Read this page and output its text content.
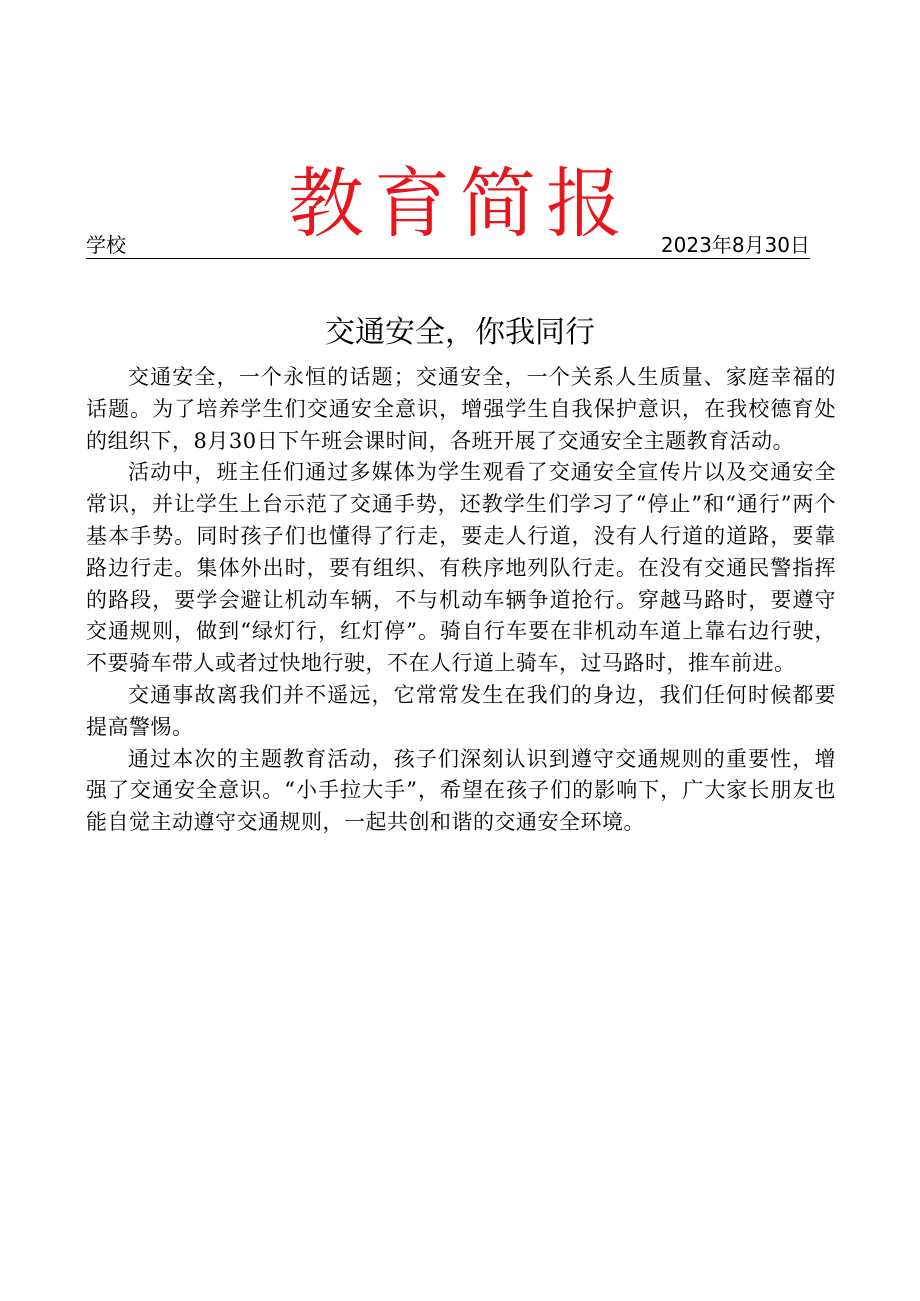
教育简报
学校	2023年8月30日
交通安全，你我同行

交通安全，一个永恒的话题；交通安全，一个关系人生质量、家庭幸福的话题。为了培养学生们交通安全意识，增强学生自我保护意识，在我校德育处的组织下，8月30日下午班会课时间，各班开展了交通安全主题教育活动。

活动中，班主任们通过多媒体为学生观看了交通安全宣传片以及交通安全常识，并让学生上台示范了交通手势，还教学生们学习了“停止”和“通行”两个基本手势。同时孩子们也懂得了行走，要走人行道，没有人行道的道路，要靠路边行走。集体外出时，要有组织、有秩序地列队行走。在没有交通民警指挥的路段，要学会避让机动车辆，不与机动车辆争道抢行。穿越马路时，要遵守交通规则，做到“绿灯行，红灯停”。骑自行车要在非机动车道上靠右边行驶，不要骑车带人或者过快地行驶，不在人行道上骑车，过马路时，推车前进。

交通事故离我们并不遥远，它常常发生在我们的身边，我们任何时候都要提高警惕。

通过本次的主题教育活动，孩子们深刻认识到遵守交通规则的重要性，增强了交通安全意识。“小手拉大手”，希望在孩子们的影响下，广大家长朋友也能自觉主动遵守交通规则，一起共创和谐的交通安全环境。
